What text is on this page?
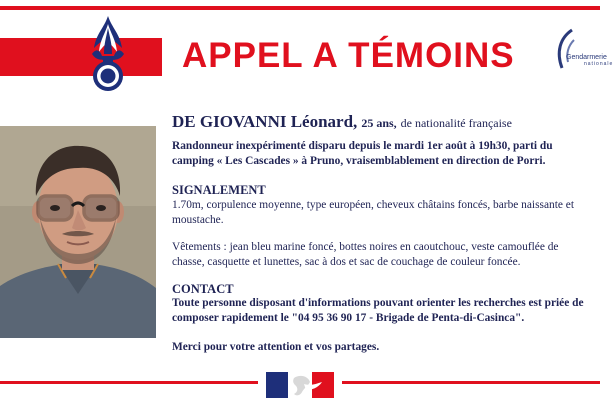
APPEL A TÉMOINS	Gendarmerie
nationale
DE GIOVANNI Léonard, 25 ans, de nationalité française
Randonneur inexpérimenté disparu depuis le mardi 1er août à 19h30, parti du camping « Les Cascades » à Pruno, vraisemblablement en direction de Porri.
SIGNALEMENT
1.70m, corpulence moyenne, type européen, cheveux châtains foncés, barbe naissante et moustache.
Vêtements : jean bleu marine foncé, bottes noires en caoutchouc, veste camouflée de chasse, casquette et lunettes, sac à dos et sac de couchage de couleur foncée.
CONTACT
Toute personne disposant d'informations pouvant orienter les recherches est priée de composer rapidement le "04 95 36 90 17 - Brigade de Penta-di-Casinca".
Merci pour votre attention et vos partages.
